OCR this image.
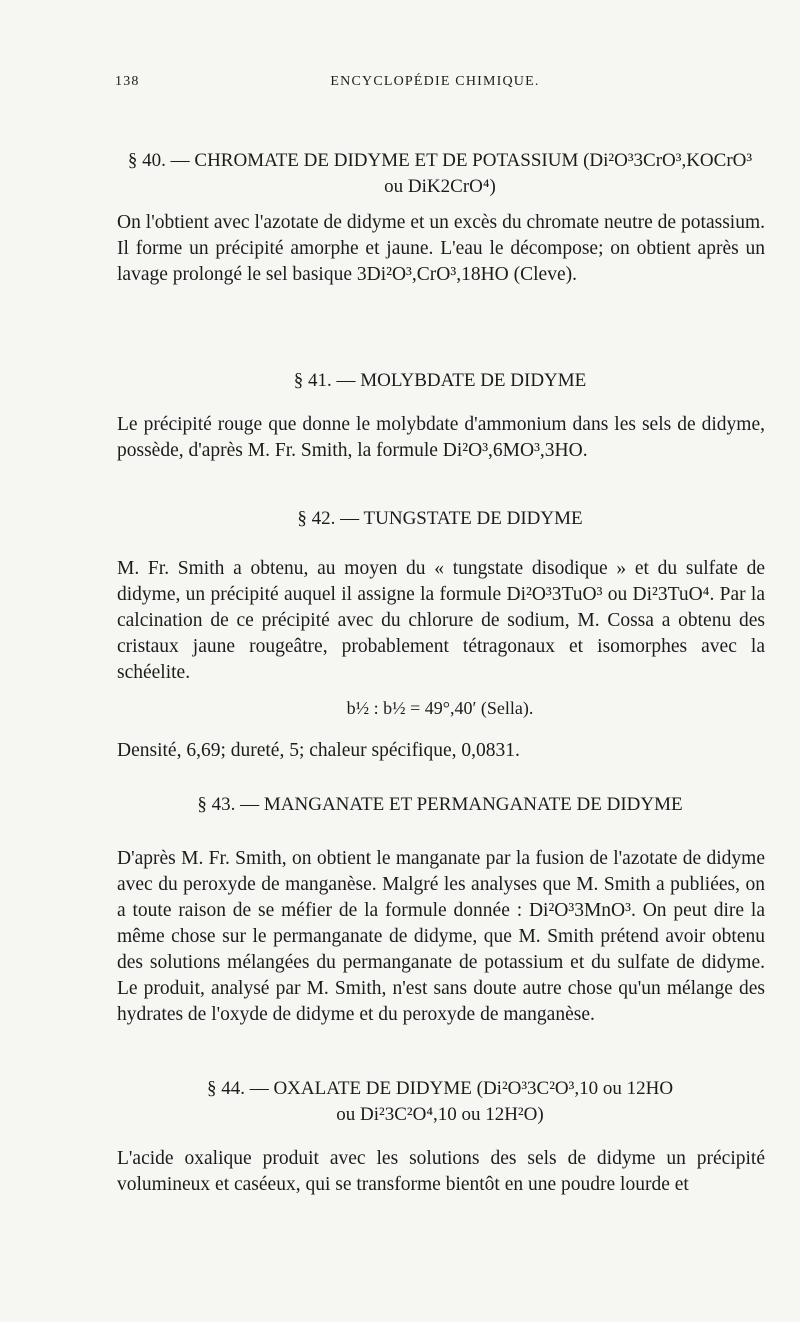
138	ENCYCLOPÉDIE CHIMIQUE.
§ 40. — CHROMATE DE DIDYME ET DE POTASSIUM (Di²O³3CrO³,KOCrO³
ou DiK2CrO⁴)
On l'obtient avec l'azotate de didyme et un excès du chromate neutre de potassium. Il forme un précipité amorphe et jaune. L'eau le décompose; on obtient après un lavage prolongé le sel basique 3Di²O³,CrO³,18HO (Cleve).
§ 41. — MOLYBDATE DE DIDYME
Le précipité rouge que donne le molybdate d'ammonium dans les sels de didyme, possède, d'après M. Fr. Smith, la formule Di²O³,6MO³,3HO.
§ 42. — TUNGSTATE DE DIDYME
M. Fr. Smith a obtenu, au moyen du « tungstate disodique » et du sulfate de didyme, un précipité auquel il assigne la formule Di²O³3TuO³ ou Di²3TuO⁴. Par la calcination de ce précipité avec du chlorure de sodium, M. Cossa a obtenu des cristaux jaune rougeâtre, probablement tétragonaux et isomorphes avec la schéelite.
b½ : b½ = 49°,40′ (Sella).
Densité, 6,69; dureté, 5; chaleur spécifique, 0,0831.
§ 43. — MANGANATE ET PERMANGANATE DE DIDYME
D'après M. Fr. Smith, on obtient le manganate par la fusion de l'azotate de didyme avec du peroxyde de manganèse. Malgré les analyses que M. Smith a publiées, on a toute raison de se méfier de la formule donnée : Di²O³3MnO³. On peut dire la même chose sur le permanganate de didyme, que M. Smith prétend avoir obtenu des solutions mélangées du permanganate de potassium et du sulfate de didyme. Le produit, analysé par M. Smith, n'est sans doute autre chose qu'un mélange des hydrates de l'oxyde de didyme et du peroxyde de manganèse.
§ 44. — OXALATE DE DIDYME (Di²O³3C²O³,10 ou 12HO
ou Di²3C²O⁴,10 ou 12H²O)
L'acide oxalique produit avec les solutions des sels de didyme un précipité volumineux et caséeux, qui se transforme bientôt en une poudre lourde et
